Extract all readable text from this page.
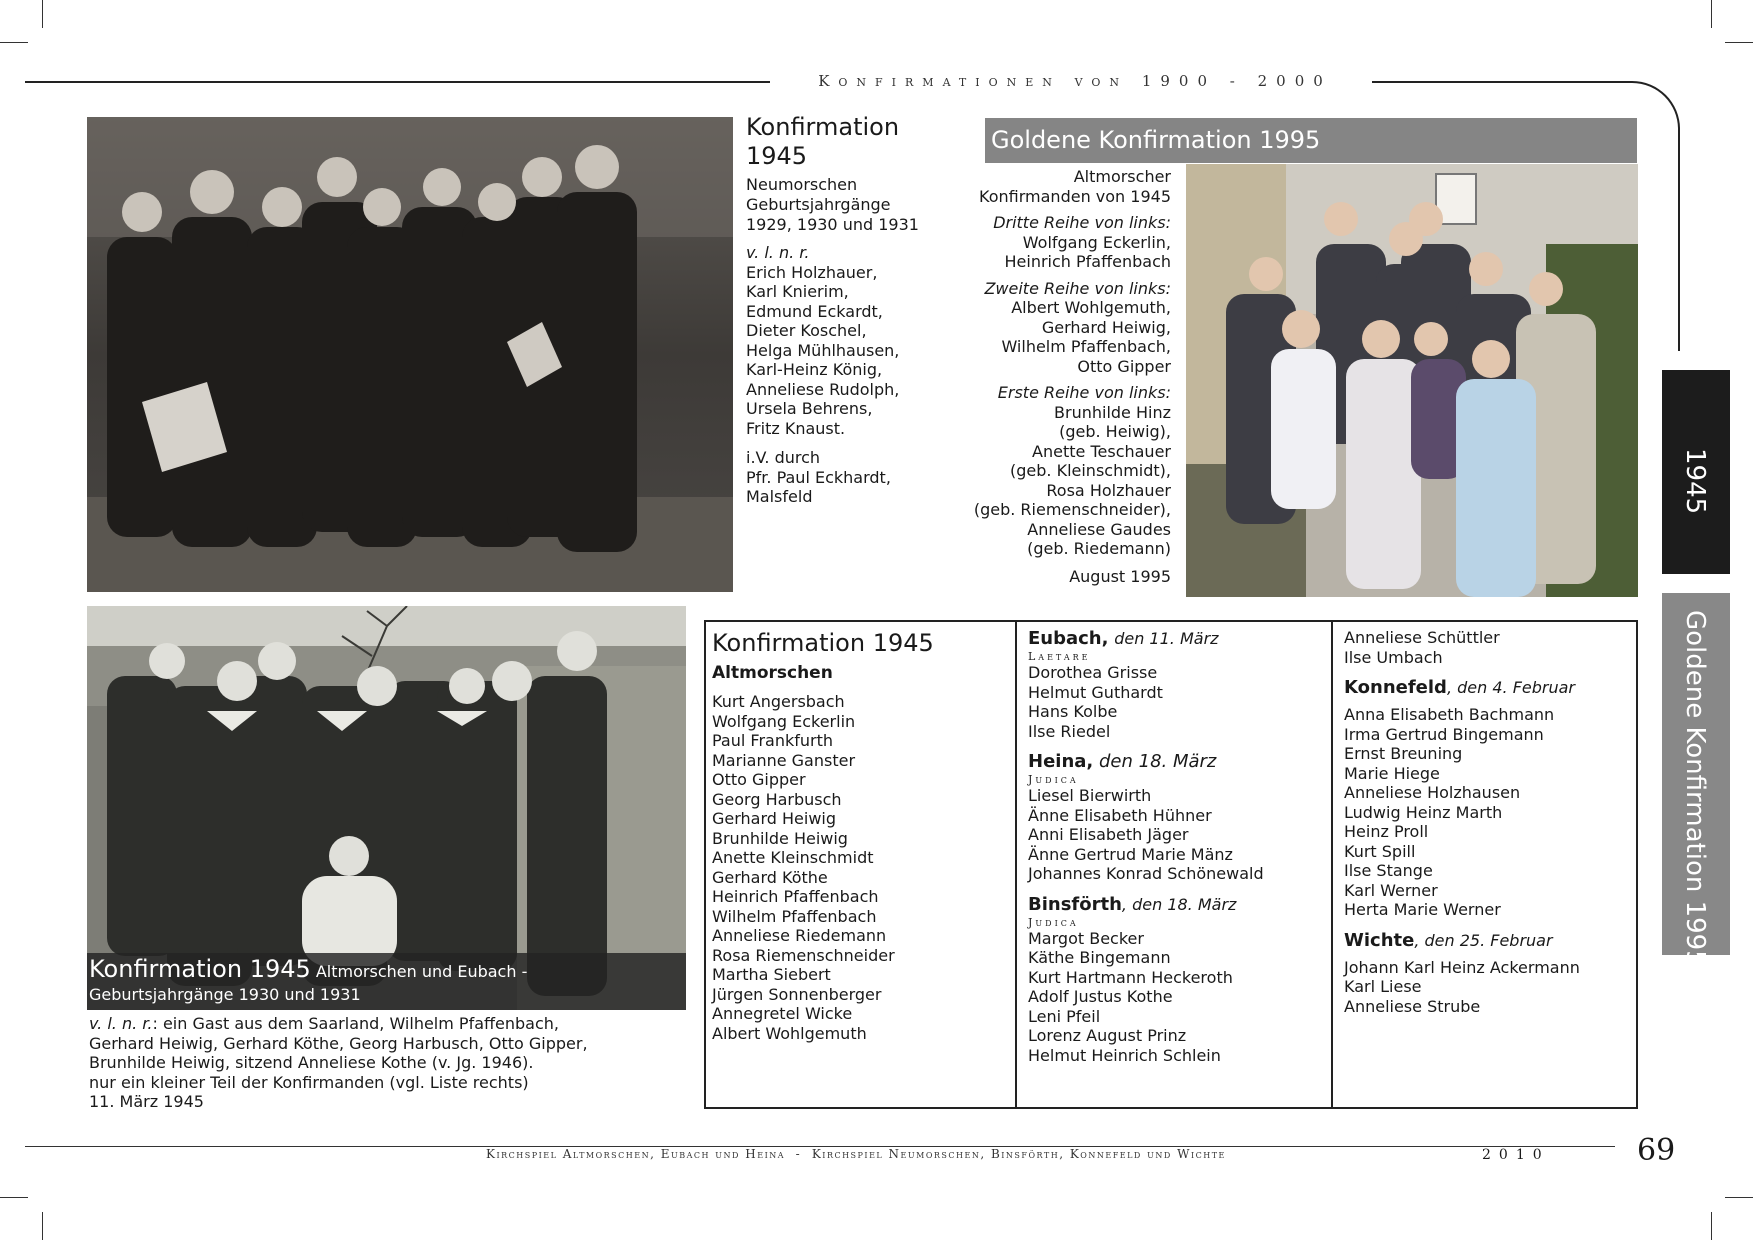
Konfirmationen von 1900 - 2000
Konfirmation
1945
Neumorschen
Geburtsjahrgänge
1929, 1930 und 1931
v. l. n. r.
Erich Holzhauer,
Karl Knierim,
Edmund Eckardt,
Dieter Koschel,
Helga Mühlhausen,
Karl-Heinz König,
Anneliese Rudolph,
Ursela Behrens,
Fritz Knaust.
i.V. durch
Pfr. Paul Eckhardt,
Malsfeld
Goldene Konfirmation 1995
Altmorscher
Konfirmanden von 1945
Dritte Reihe von links:
Wolfgang Eckerlin,
Heinrich Pfaffenbach
Zweite Reihe von links:
Albert Wohlgemuth,
Gerhard Heiwig,
Wilhelm Pfaffenbach,
Otto Gipper
Erste Reihe von links:
Brunhilde Hinz
(geb. Heiwig),
Anette Teschauer
(geb. Kleinschmidt),
Rosa Holzhauer
(geb. Riemenschneider),
Anneliese Gaudes
(geb. Riedemann)
August 1995
1945
Goldene Konfirmation 1995
Konfirmation 1945 Altmorschen und Eubach -
Geburtsjahrgänge 1930 und 1931
v. l. n. r.: ein Gast aus dem Saarland, Wilhelm Pfaffenbach,
Gerhard Heiwig, Gerhard Köthe, Georg Harbusch, Otto Gipper,
Brunhilde Heiwig, sitzend Anneliese Kothe (v. Jg. 1946).
nur ein kleiner Teil der Konfirmanden (vgl. Liste rechts)
11. März 1945
Konfirmation 1945
Altmorschen
Kurt Angersbach
Wolfgang Eckerlin
Paul Frankfurth
Marianne Ganster
Otto Gipper
Georg Harbusch
Gerhard Heiwig
Brunhilde Heiwig
Anette Kleinschmidt
Gerhard Köthe
Heinrich Pfaffenbach
Wilhelm Pfaffenbach
Anneliese Riedemann
Rosa Riemenschneider
Martha Siebert
Jürgen Sonnenberger
Annegretel Wicke
Albert Wohlgemuth
Eubach, den 11. März
Laetare
Dorothea Grisse
Helmut Guthardt
Hans Kolbe
Ilse Riedel
Heina, den 18. März
Judica
Liesel Bierwirth
Änne Elisabeth Hühner
Anni Elisabeth Jäger
Änne Gertrud Marie Mänz
Johannes Konrad Schönewald
Binsförth, den 18. März
Judica
Margot Becker
Käthe Bingemann
Kurt Hartmann Heckeroth
Adolf Justus Kothe
Leni Pfeil
Lorenz August Prinz
Helmut Heinrich Schlein
Anneliese Schüttler
Ilse Umbach
Konnefeld, den 4. Februar
Anna Elisabeth Bachmann
Irma Gertrud Bingemann
Ernst Breuning
Marie Hiege
Anneliese Holzhausen
Ludwig Heinz Marth
Heinz Proll
Kurt Spill
Ilse Stange
Karl Werner
Herta Marie Werner
Wichte, den 25. Februar
Johann Karl Heinz Ackermann
Karl Liese
Anneliese Strube
Kirchspiel Altmorschen, Eubach und Heina  -  Kirchspiel Neumorschen, Binsförth, Konnefeld und Wichte	2010	69
